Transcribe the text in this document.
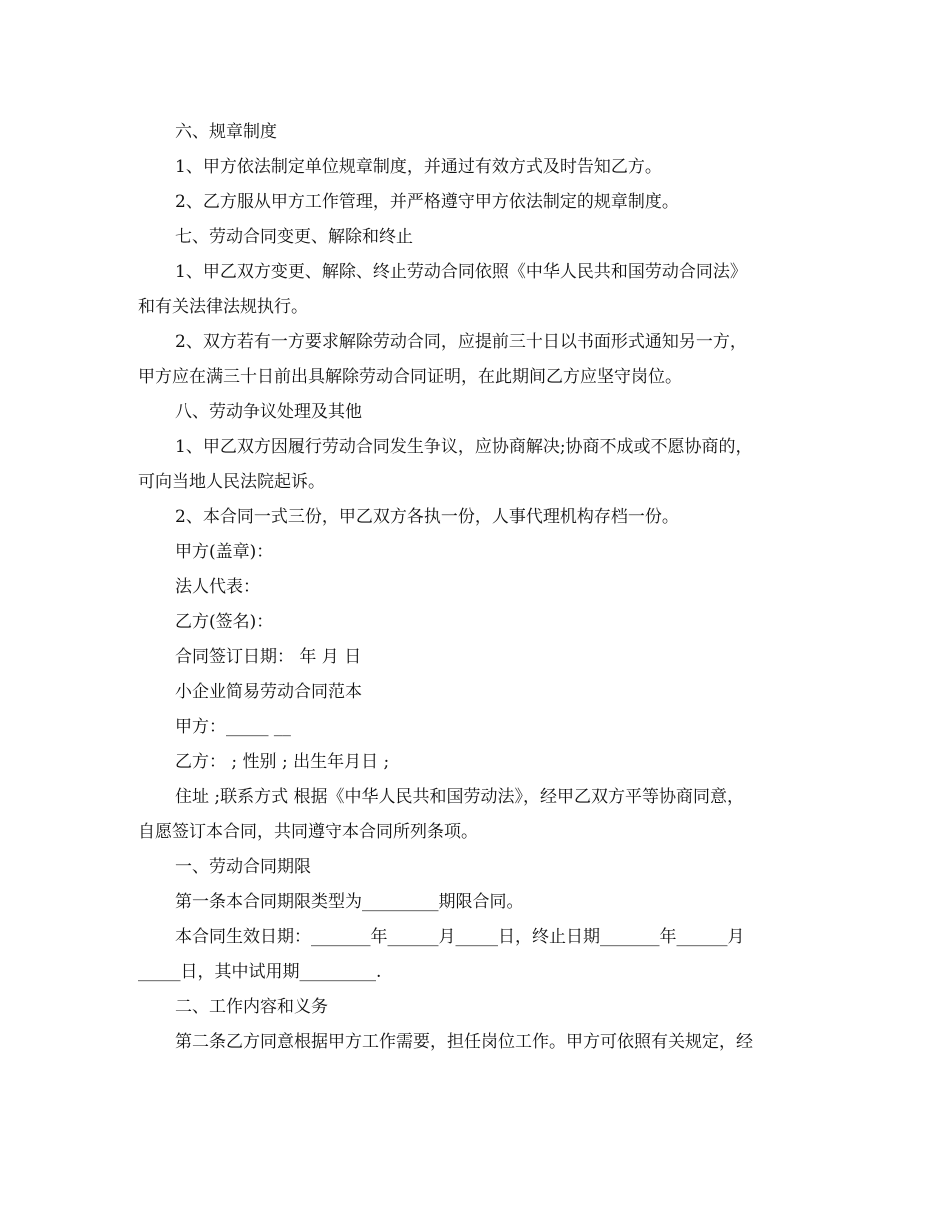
六、规章制度

1、甲方依法制定单位规章制度，并通过有效方式及时告知乙方。

2、乙方服从甲方工作管理，并严格遵守甲方依法制定的规章制度。

七、劳动合同变更、解除和终止

1、甲乙双方变更、解除、终止劳动合同依照《中华人民共和国劳动合同法》

和有关法律法规执行。

2、双方若有一方要求解除劳动合同，应提前三十日以书面形式通知另一方，

甲方应在满三十日前出具解除劳动合同证明，在此期间乙方应坚守岗位。

八、劳动争议处理及其他

1、甲乙双方因履行劳动合同发生争议，应协商解决;协商不成或不愿协商的，

可向当地人民法院起诉。

2、本合同一式三份，甲乙双方各执一份，人事代理机构存档一份。

甲方(盖章)：

法人代表：

乙方(签名)：

合同签订日期： 年 月 日

小企业简易劳动合同范本

甲方：_____ __

乙方： ; 性别 ; 出生年月日 ;

住址 ;联系方式 根据《中华人民共和国劳动法》，经甲乙双方平等协商同意，

自愿签订本合同，共同遵守本合同所列条项。

一、劳动合同期限

第一条本合同期限类型为_________期限合同。

本合同生效日期：_______年______月_____日，终止日期_______年______月

_____日，其中试用期_________.

二、工作内容和义务

第二条乙方同意根据甲方工作需要，担任岗位工作。甲方可依照有关规定，经
